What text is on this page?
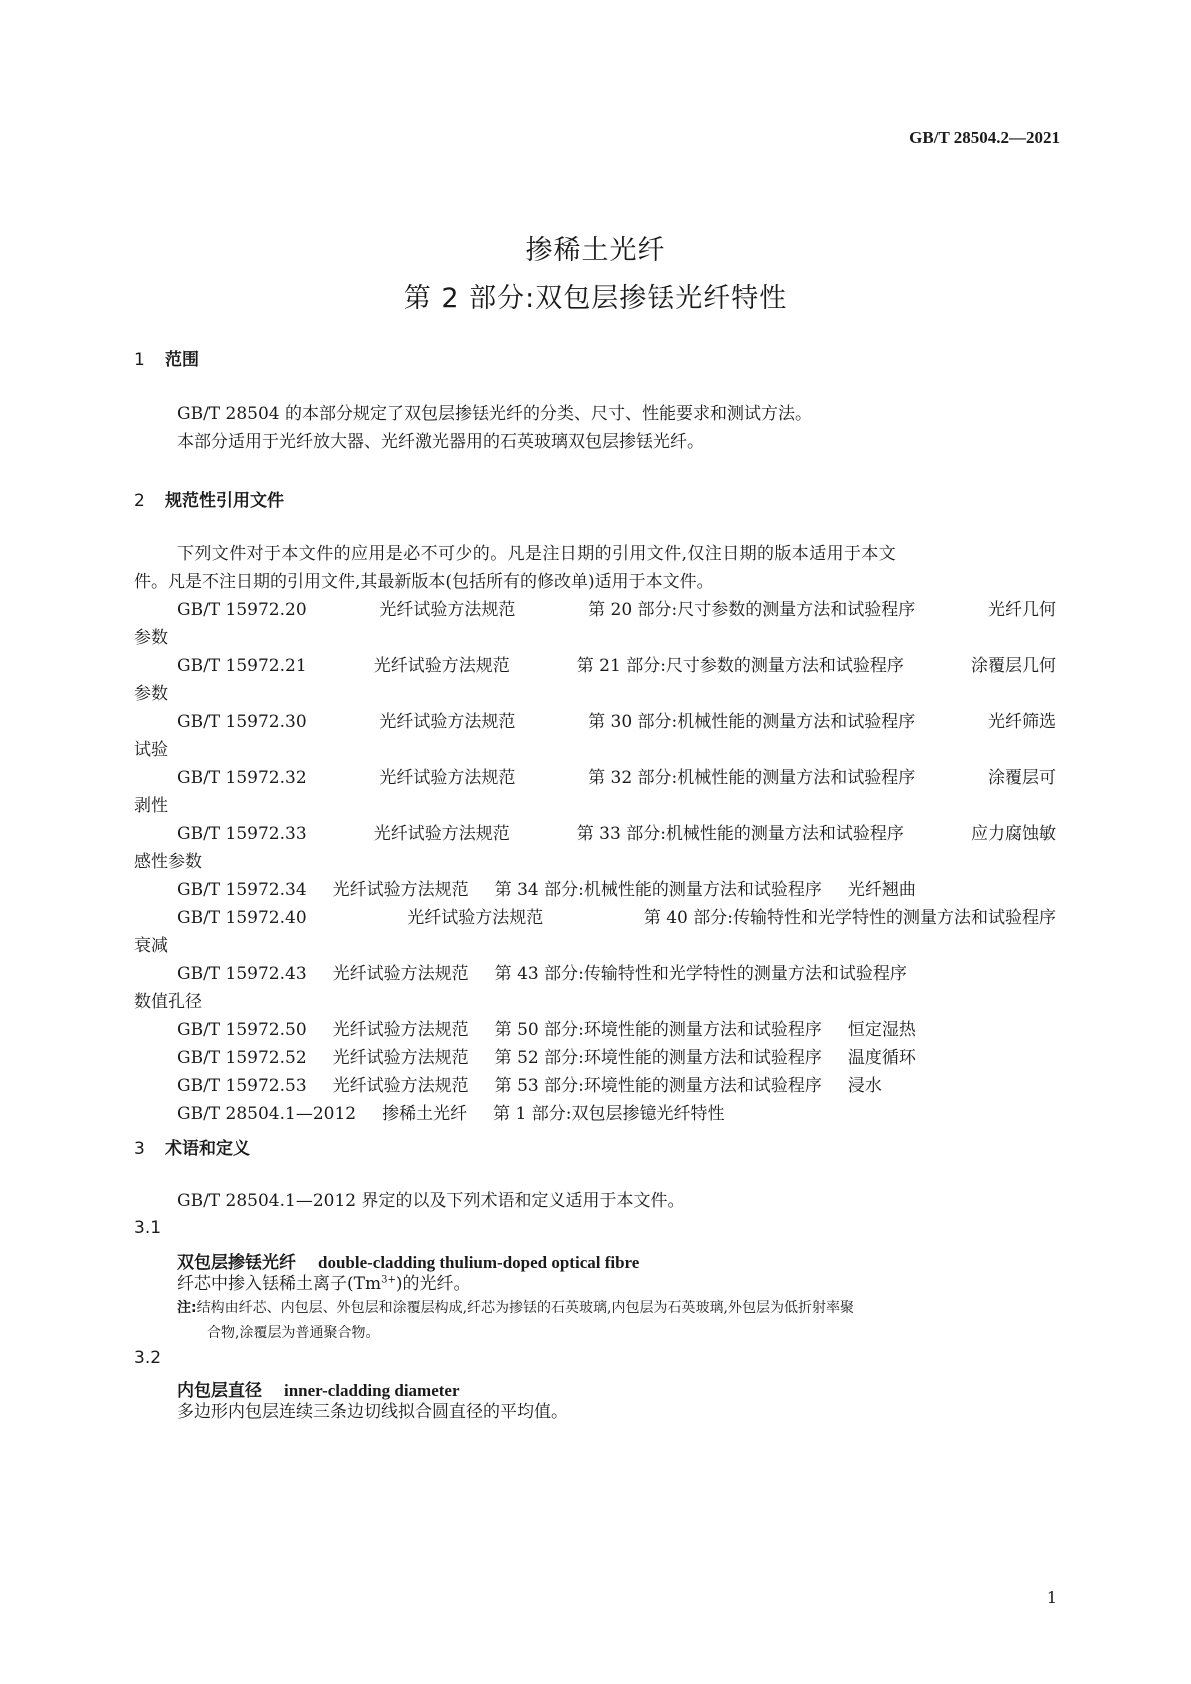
GB/T 28504.2—2021
掺稀土光纤
第 2 部分:双包层掺铥光纤特性
1 范围
GB/T 28504 的本部分规定了双包层掺铥光纤的分类、尺寸、性能要求和测试方法。
本部分适用于光纤放大器、光纤激光器用的石英玻璃双包层掺铥光纤。
2 规范性引用文件
下列文件对于本文件的应用是必不可少的。凡是注日期的引用文件,仅注日期的版本适用于本文
件。凡是不注日期的引用文件,其最新版本(包括所有的修改单)适用于本文件。
GB/T 15972.20	光纤试验方法规范	第 20 部分:尺寸参数的测量方法和试验程序	光纤几何
参数
GB/T 15972.21	光纤试验方法规范	第 21 部分:尺寸参数的测量方法和试验程序	涂覆层几何
参数
GB/T 15972.30	光纤试验方法规范	第 30 部分:机械性能的测量方法和试验程序	光纤筛选
试验
GB/T 15972.32	光纤试验方法规范	第 32 部分:机械性能的测量方法和试验程序	涂覆层可
剥性
GB/T 15972.33	光纤试验方法规范	第 33 部分:机械性能的测量方法和试验程序	应力腐蚀敏
感性参数
GB/T 15972.34 光纤试验方法规范 第 34 部分:机械性能的测量方法和试验程序 光纤翘曲
GB/T 15972.40	光纤试验方法规范	第 40 部分:传输特性和光学特性的测量方法和试验程序
衰减
GB/T 15972.43 光纤试验方法规范 第 43 部分:传输特性和光学特性的测量方法和试验程序
数值孔径
GB/T 15972.50 光纤试验方法规范 第 50 部分:环境性能的测量方法和试验程序 恒定湿热
GB/T 15972.52 光纤试验方法规范 第 52 部分:环境性能的测量方法和试验程序 温度循环
GB/T 15972.53 光纤试验方法规范 第 53 部分:环境性能的测量方法和试验程序 浸水
GB/T 28504.1—2012 掺稀土光纤 第 1 部分:双包层掺镱光纤特性
3 术语和定义
GB/T 28504.1—2012 界定的以及下列术语和定义适用于本文件。
3.1
双包层掺铥光纤 double-cladding thulium-doped optical fibre
纤芯中掺入铥稀土离子$(Tm^{3+})$的光纤。
注:结构由纤芯、内包层、外包层和涂覆层构成,纤芯为掺铥的石英玻璃,内包层为石英玻璃,外包层为低折射率聚
合物,涂覆层为普通聚合物。
3.2
内包层直径 inner-cladding diameter
多边形内包层连续三条边切线拟合圆直径的平均值。
1
